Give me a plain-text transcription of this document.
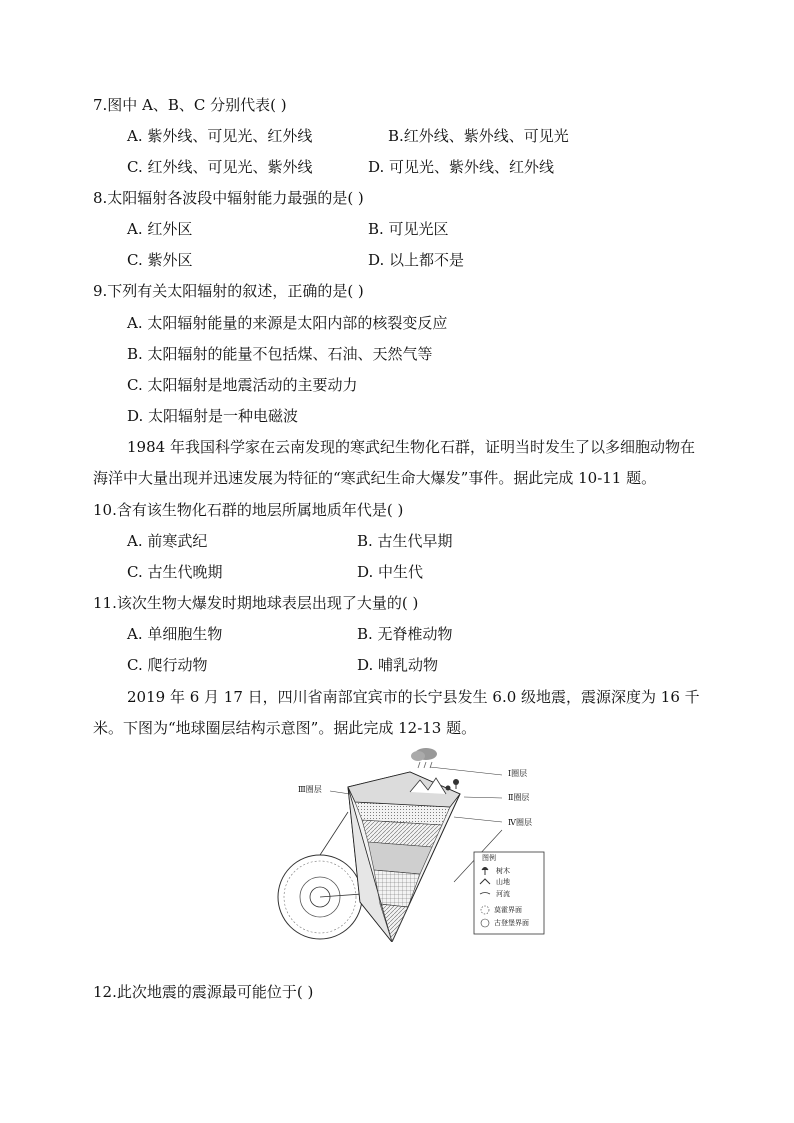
7.图中 A、B、C 分别代表( )
A. 紫外线、可见光、红外线	B.红外线、紫外线、可见光
C. 红外线、可见光、紫外线	D. 可见光、紫外线、红外线
8.太阳辐射各波段中辐射能力最强的是( )
A. 红外区	B. 可见光区
C. 紫外区	D. 以上都不是
9.下列有关太阳辐射的叙述，正确的是( )
A. 太阳辐射能量的来源是太阳内部的核裂变反应
B. 太阳辐射的能量不包括煤、石油、天然气等
C. 太阳辐射是地震活动的主要动力
D. 太阳辐射是一种电磁波
1984 年我国科学家在云南发现的寒武纪生物化石群，证明当时发生了以多细胞动物在海洋中大量出现并迅速发展为特征的“寒武纪生命大爆发”事件。据此完成 10-11 题。
10.含有该生物化石群的地层所属地质年代是( )
A. 前寒武纪	B. 古生代早期
C. 古生代晚期	D. 中生代
11.该次生物大爆发时期地球表层出现了大量的( )
A. 单细胞生物	B. 无脊椎动物
C. 爬行动物	D. 哺乳动物
2019 年 6 月 17 日，四川省南部宜宾市的长宁县发生 6.0 级地震，震源深度为 16 千米。下图为“地球圈层结构示意图”。据此完成 12-13 题。
Ⅰ圈层
Ⅱ圈层
Ⅲ圈层
Ⅳ圈层
图例
树木
山地
河流
莫霍界面
古登堡界面
12.此次地震的震源最可能位于( )
